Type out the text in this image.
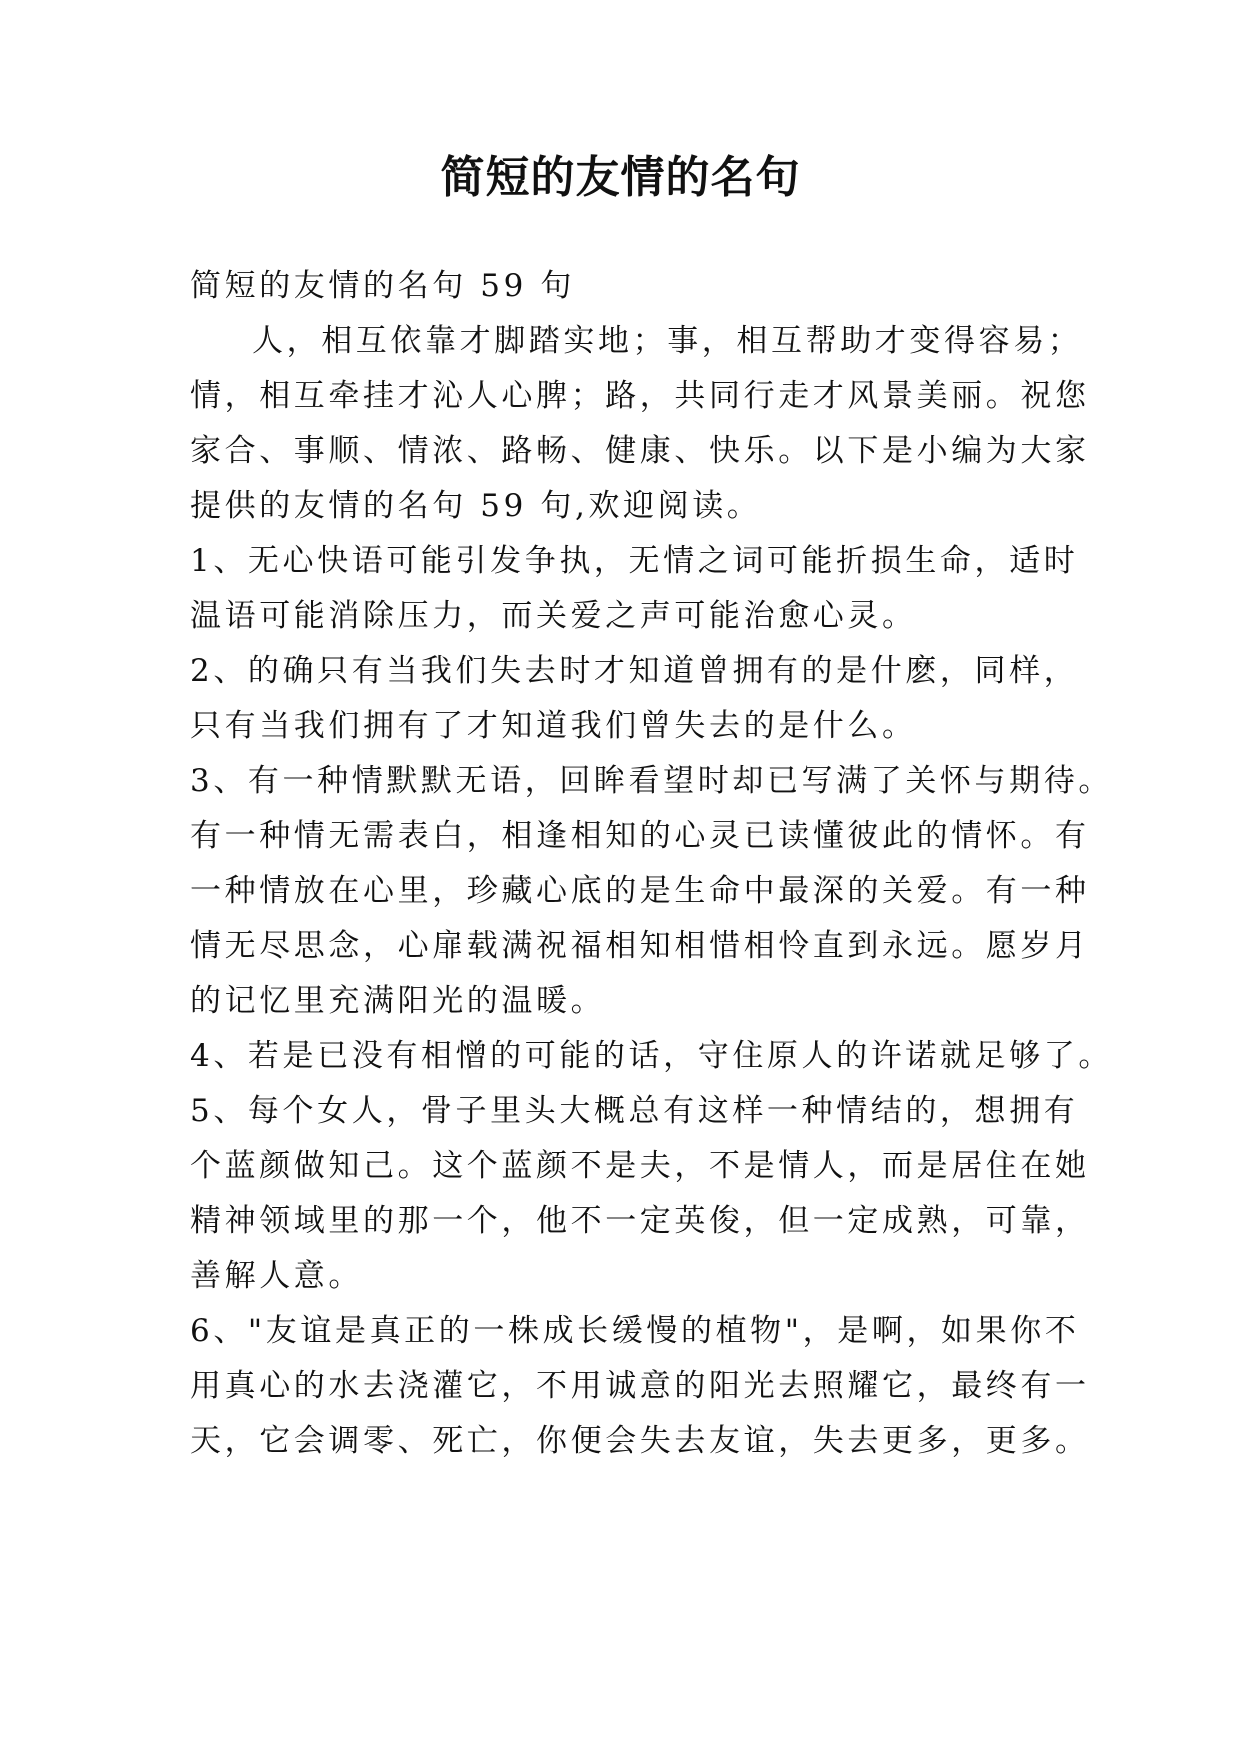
简短的友情的名句
简短的友情的名句 59 句
人，相互依靠才脚踏实地；事，相互帮助才变得容易；
情，相互牵挂才沁人心脾；路，共同行走才风景美丽。祝您
家合、事顺、情浓、路畅、健康、快乐。以下是小编为大家
提供的友情的名句 59 句,欢迎阅读。
1、无心快语可能引发争执，无情之词可能折损生命，适时
温语可能消除压力，而关爱之声可能治愈心灵。
2、的确只有当我们失去时才知道曾拥有的是什麽，同样，
只有当我们拥有了才知道我们曾失去的是什么。
3、有一种情默默无语，回眸看望时却已写满了关怀与期待。
有一种情无需表白，相逢相知的心灵已读懂彼此的情怀。有
一种情放在心里，珍藏心底的是生命中最深的关爱。有一种
情无尽思念，心扉载满祝福相知相惜相怜直到永远。愿岁月
的记忆里充满阳光的温暖。
4、若是已没有相憎的可能的话，守住原人的许诺就足够了。
5、每个女人，骨子里头大概总有这样一种情结的，想拥有
个蓝颜做知己。这个蓝颜不是夫，不是情人，而是居住在她
精神领域里的那一个，他不一定英俊，但一定成熟，可靠，
善解人意。
6、"友谊是真正的一株成长缓慢的植物"，是啊，如果你不
用真心的水去浇灌它，不用诚意的阳光去照耀它，最终有一
天，它会调零、死亡，你便会失去友谊，失去更多，更多。
